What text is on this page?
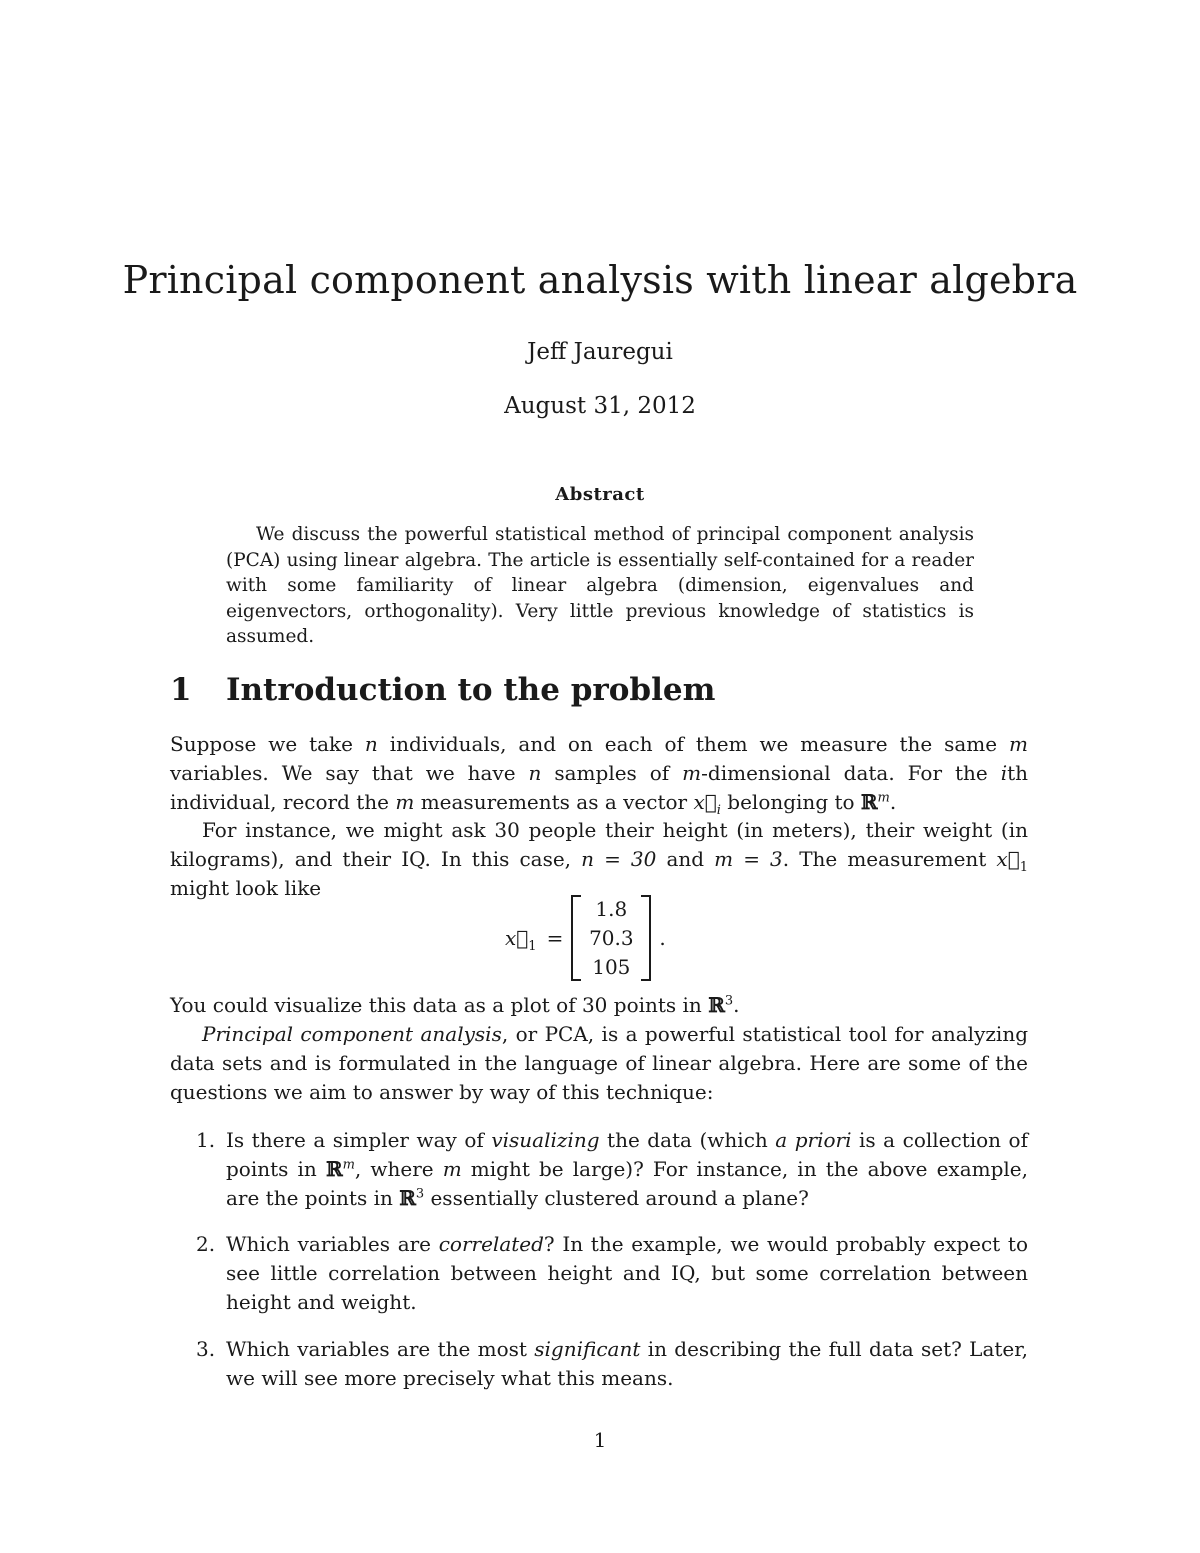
Principal component analysis with linear algebra
Jeff Jauregui
August 31, 2012
Abstract
We discuss the powerful statistical method of principal component analysis (PCA) using linear algebra. The article is essentially self-contained for a reader with some familiarity of linear algebra (dimension, eigenvalues and eigenvectors, orthogonality). Very little previous knowledge of statistics is assumed.
1 Introduction to the problem
Suppose we take n individuals, and on each of them we measure the same m variables. We say that we have n samples of m-dimensional data. For the ith individual, record the m measurements as a vector $x⃗_i$ belonging to ℝ$^m$.
For instance, we might ask 30 people their height (in meters), their weight (in kilograms), and their IQ. In this case, n = 30 and m = 3. The measurement $x⃗_1$ might look like
$x⃗_1$ =
1.8
70.3
105
.
You could visualize this data as a plot of 30 points in ℝ$^3$.
Principal component analysis, or PCA, is a powerful statistical tool for analyzing data sets and is formulated in the language of linear algebra. Here are some of the questions we aim to answer by way of this technique:
1. Is there a simpler way of visualizing the data (which a priori is a collection of points in ℝ$^m$, where m might be large)? For instance, in the above example, are the points in ℝ$^3$ essentially clustered around a plane?
2. Which variables are correlated? In the example, we would probably expect to see little correlation between height and IQ, but some correlation between height and weight.
3. Which variables are the most significant in describing the full data set? Later, we will see more precisely what this means.
1
